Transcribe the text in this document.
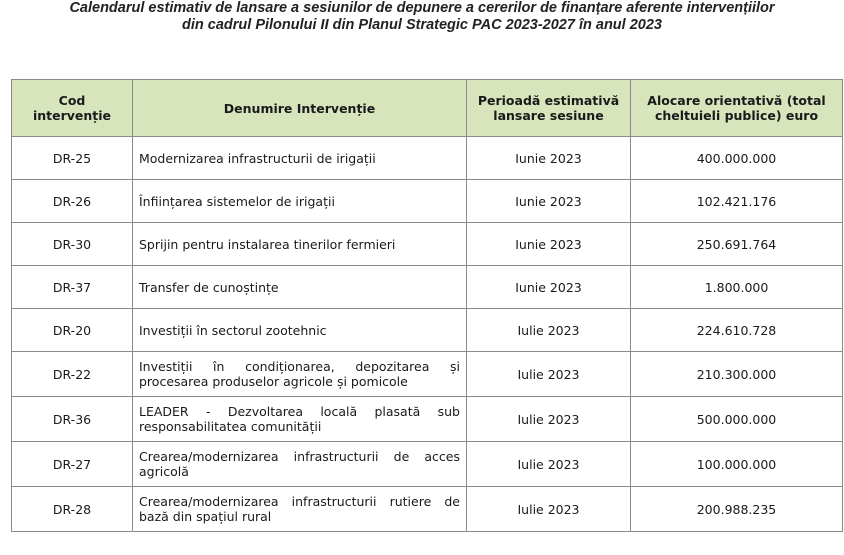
Calendarul estimativ de lansare a sesiunilor de depunere a cererilor de finanțare aferente intervențiilor
din cadrul Pilonului II din Planul Strategic PAC 2023-2027 în anul 2023
Cod intervenție	Denumire Intervenție	Perioadă estimativă lansare sesiune	Alocare orientativă (total cheltuieli publice) euro
DR-25	Modernizarea infrastructurii de irigații	Iunie 2023	400.000.000
DR-26	Înființarea sistemelor de irigații	Iunie 2023	102.421.176
DR-30	Sprijin pentru instalarea tinerilor fermieri	Iunie 2023	250.691.764
DR-37	Transfer de cunoștințe	Iunie 2023	1.800.000
DR-20	Investiții în sectorul zootehnic	Iulie 2023	224.610.728
DR-22	Investiții în condiționarea, depozitarea și procesarea produselor agricole și pomicole	Iulie 2023	210.300.000
DR-36	LEADER - Dezvoltarea locală plasată sub responsabilitatea comunității	Iulie 2023	500.000.000
DR-27	Crearea/modernizarea infrastructurii de acces agricolă	Iulie 2023	100.000.000
DR-28	Crearea/modernizarea infrastructurii rutiere de bază din spațiul rural	Iulie 2023	200.988.235
